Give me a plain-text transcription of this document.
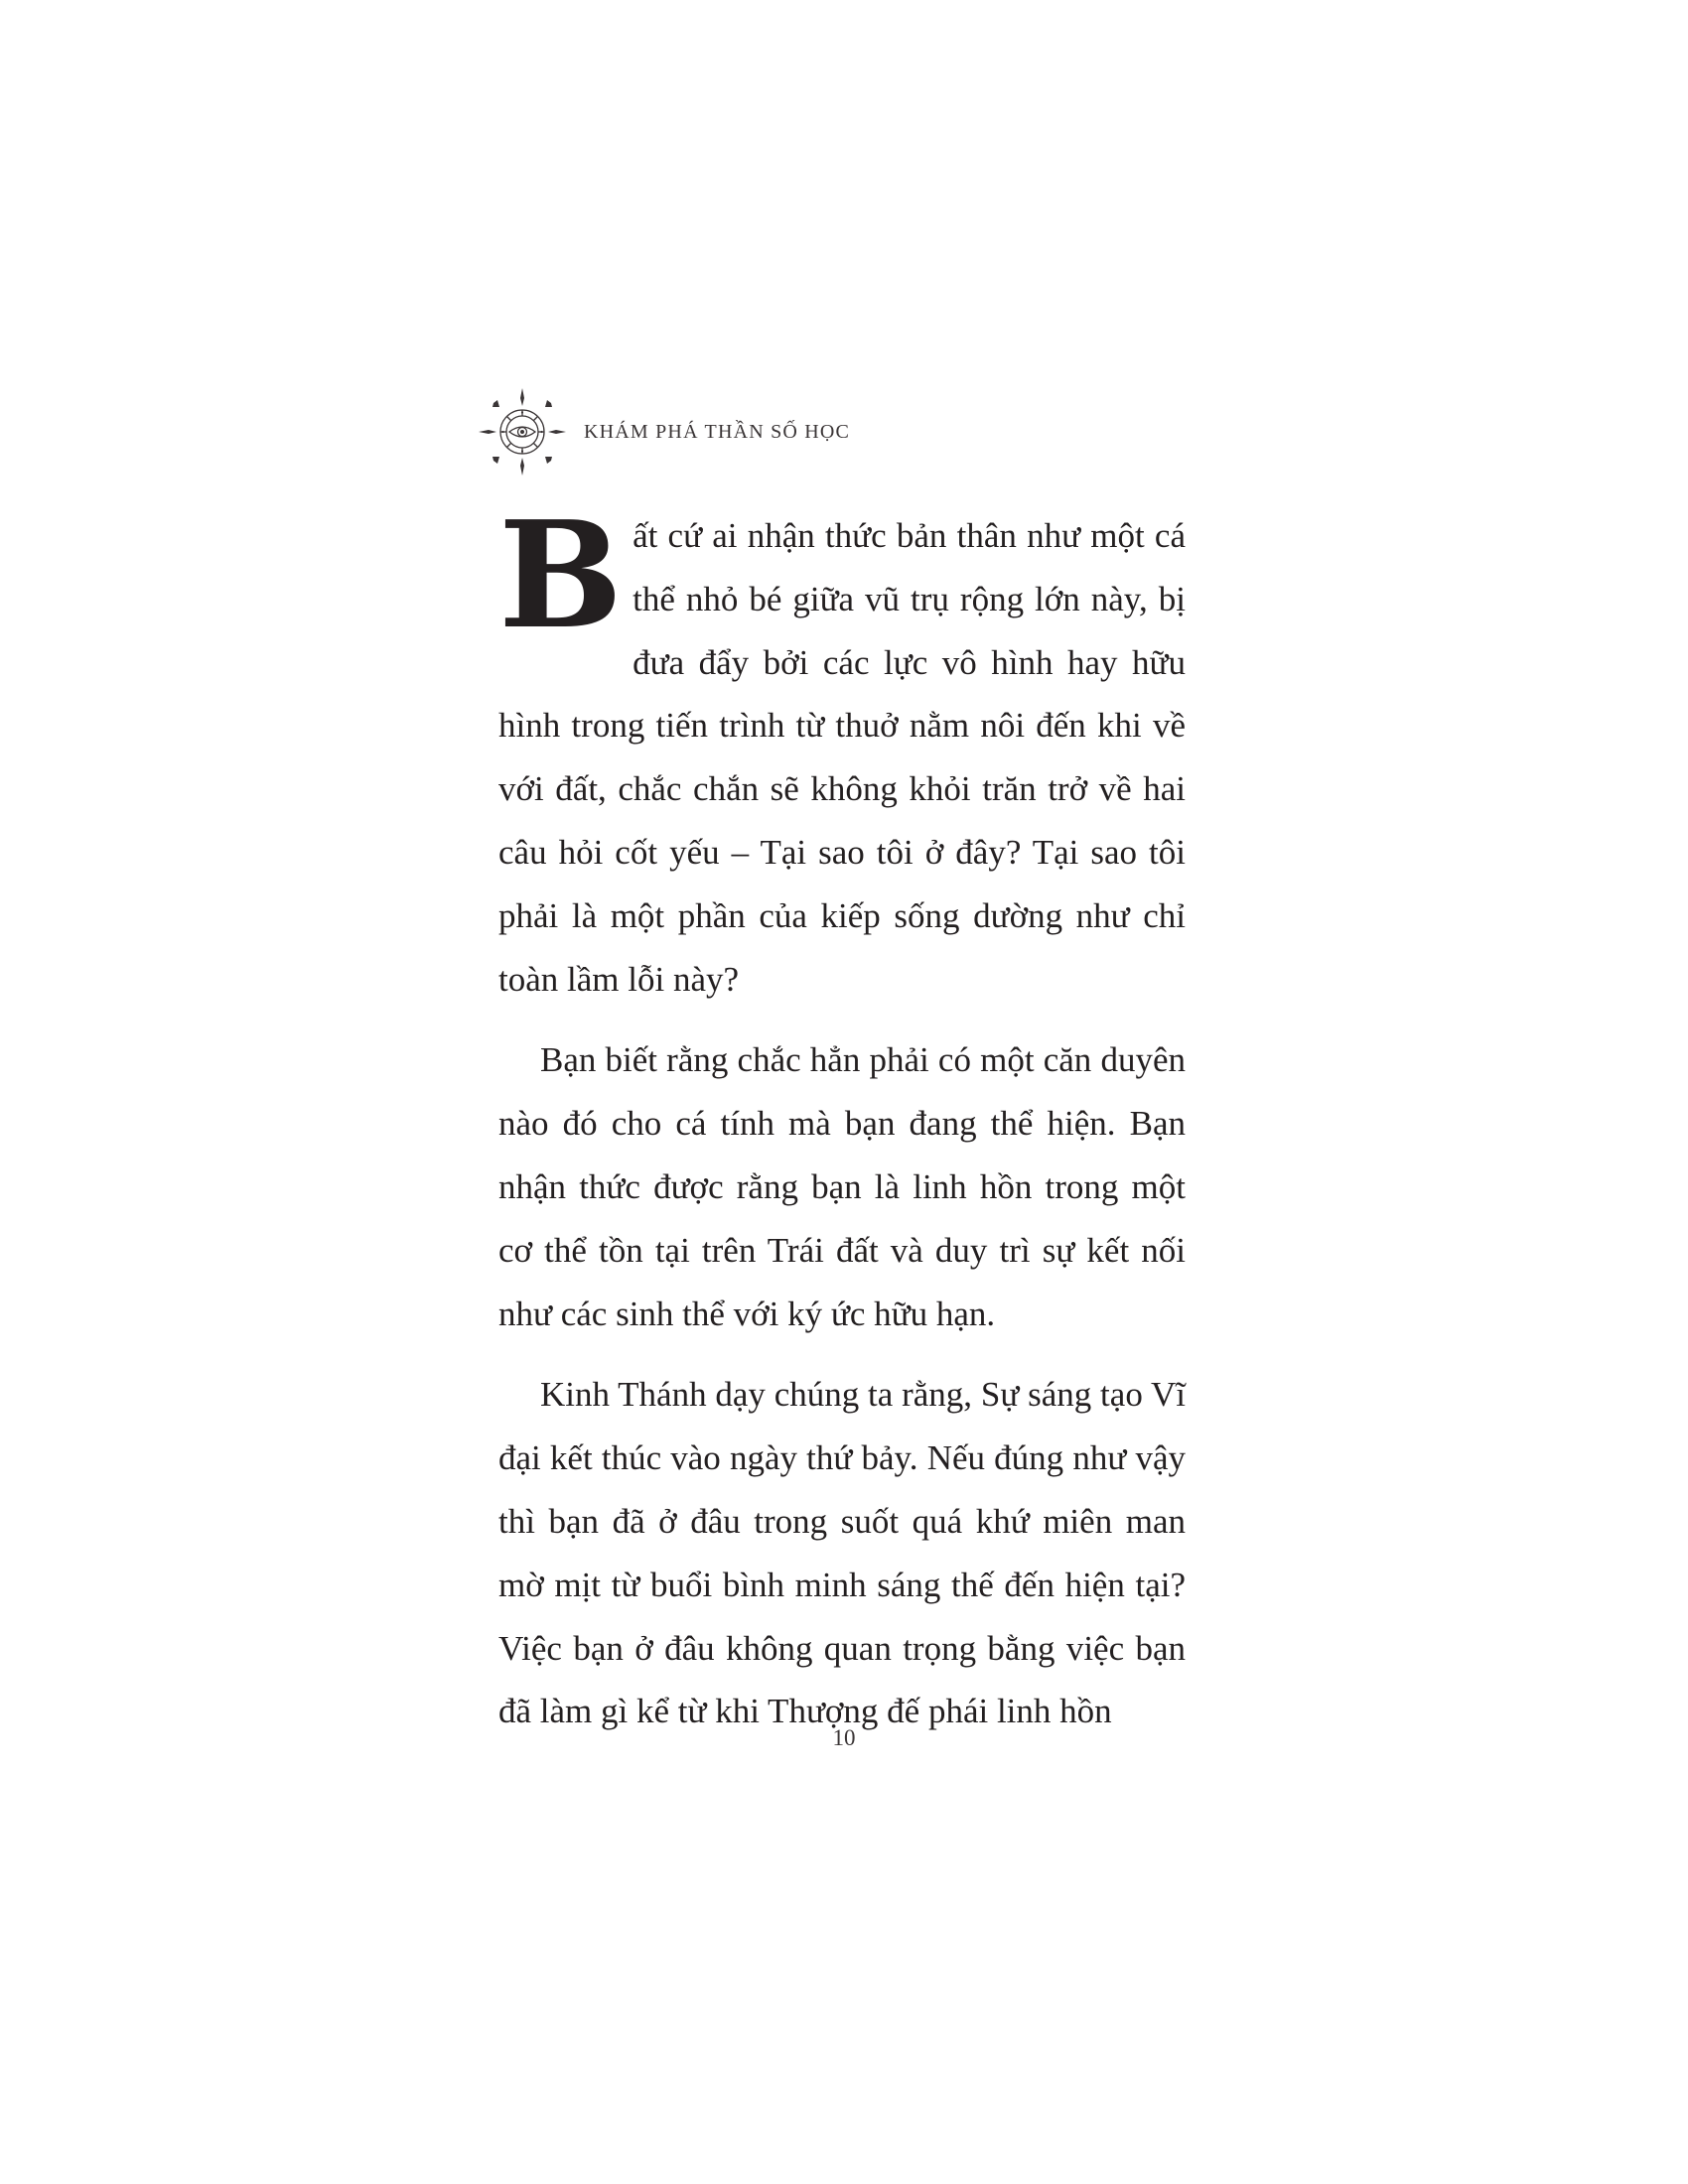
KHÁM PHÁ THẦN SỐ HỌC

Bất cứ ai nhận thức bản thân như một cá thể nhỏ bé giữa vũ trụ rộng lớn này, bị đưa đẩy bởi các lực vô hình hay hữu hình trong tiến trình từ thuở nằm nôi đến khi về với đất, chắc chắn sẽ không khỏi trăn trở về hai câu hỏi cốt yếu – Tại sao tôi ở đây? Tại sao tôi phải là một phần của kiếp sống dường như chỉ toàn lầm lỗi này?

Bạn biết rằng chắc hẳn phải có một căn duyên nào đó cho cá tính mà bạn đang thể hiện. Bạn nhận thức được rằng bạn là linh hồn trong một cơ thể tồn tại trên Trái đất và duy trì sự kết nối như các sinh thể với ký ức hữu hạn.

Kinh Thánh dạy chúng ta rằng, Sự sáng tạo Vĩ đại kết thúc vào ngày thứ bảy. Nếu đúng như vậy thì bạn đã ở đâu trong suốt quá khứ miên man mờ mịt từ buổi bình minh sáng thế đến hiện tại? Việc bạn ở đâu không quan trọng bằng việc bạn đã làm gì kể từ khi Thượng đế phái linh hồn

10
